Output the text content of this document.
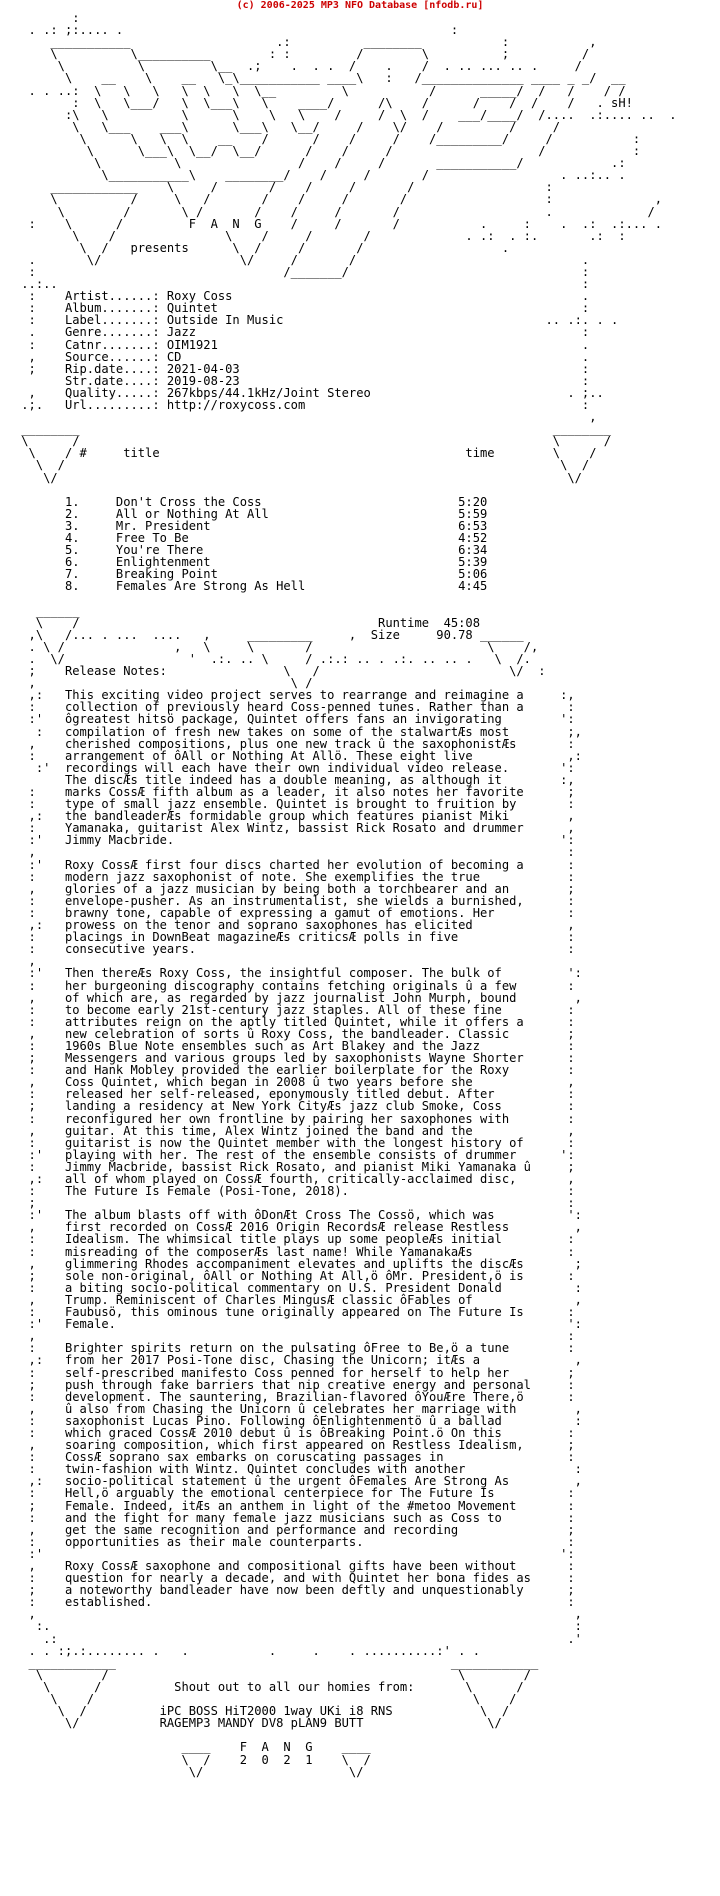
(c) 2006-2025 MP3 NFO Database [nfodb.ru]
:
. .: ;:.... .                                             :
___________                    .:          ________           :           ,
\          \__________        : :         /        \          ;          /
\          \         \__  .;    .  . .  /    .    /  . .. ... .. .     /
\    __    \    __   \_\___________ ____\   :   /______________ ____ _ _/  __
. . ..:  \   \   \   \  \   \  \__         \           /      _____/  /   /    / /
:  \   \___/   \  \___\   \    ____/      /\    /      /    /  /    /   . sH!
:\   \          \      \    \   \    /     /  \  /    ___/____/  /....  .:.... ..  .
\   \___    ___\      \___\   \__/     /    \/    /         /     /
\      \   \  \    __    /      /    /     /    /_________/     /           :
\      \___\  \__/  \__/      /    /     /                    /            :
\          \                /    /     /       ___________/            .:
\___________\    ________/    /     /       /                  . ..:.. .
____________    \     /       /    /     /       /                  :
\          /     \   /       /    /     /       /                   :              ,
\        /       \ /       /    /     /       /                    .             /
:    \      /         F  A  N  G    /     /       /           .     :    .  .:  .:... .
\    /               \    /     /       /             . .:  . :.       .:  :
\  /   presents      \  /     /       /                   .
.       \/                   \/     /       /                               .
:                                  /_______/                                :
..:..                                                                        :
:    Artist......: Roxy Coss                                                .
:    Album.......: Quintet                                                  :
:    Label.......: Outside In Music                                    .. .:. . .
.    Genre.......: Jazz                                                     :
:    Catnr.......: OIM1921                                                  .
,    Source......: CD                                                       .
;    Rip.date....: 2021-04-03                                               :
Str.date....: 2019-08-23                                               :
,    Quality.....: 267kbps/44.1kHz/Joint Stereo                           . ;..
.;.   Url.........: http://roxycoss.com                                      :
,
________                                                                 ________
\      /                                                                 \      /
\    / #     title                                          time        \    /
\  /                                                                    \  /
\/                                                                      \/

1.     Don't Cross the Coss                           5:20
2.     All or Nothing At All                          5:59
3.     Mr. President                                  6:53
4.     Free To Be                                     4:52
5.     You're There                                   6:34
6.     Enlightenment                                  5:39
7.     Breaking Point                                 5:06
8.     Females Are Strong As Hell                     4:45

______
\    /                                         Runtime  45:08
,\   /... . ...  ....   ,     _________     ,  Size     90.78 ______
. \ /               ,   \     \       /                        \    /,
.  \/                 '  .:. .. \     / .:.: .. . .:. .. .. .   \  /.
;    Release Notes:                \   /                          \/  :
,                                   \ /
,:   This exciting video project serves to rearrange and reimagine a     :,
:    collection of previously heard Coss-penned tunes. Rather than a      :
:'   ôgreatest hitsö package, Quintet offers fans an invigorating        ':
:   compilation of fresh new takes on some of the stalwartÆs most        ;,
,    cherished compositions, plus one new track û the saxophonistÆs       :
:    arrangement of ôAll or Nothing At Allö. These eight live             ,:
:'  recordings will each have their own individual video release.       ':
The discÆs title indeed has a double meaning, as although it        :,
:    marks CossÆ fifth album as a leader, it also notes her favorite      ;
:    type of small jazz ensemble. Quintet is brought to fruition by       :
,:   the bandleaderÆs formidable group which features pianist Miki        ,
:    Yamanaka, guitarist Alex Wintz, bassist Rick Rosato and drummer      ,
:'   Jimmy Macbride.                                                     ':
,                                                                         :
:'   Roxy CossÆ first four discs charted her evolution of becoming a      :
:    modern jazz saxophonist of note. She exemplifies the true            :
,    glories of a jazz musician by being both a torchbearer and an        ;
:    envelope-pusher. As an instrumentalist, she wields a burnished,      :
:    brawny tone, capable of expressing a gamut of emotions. Her          :
,:   prowess on the tenor and soprano saxophones has elicited             ,
:    placings in DownBeat magazineÆs criticsÆ polls in five               :
:    consecutive years.                                                   :
,
:'   Then thereÆs Roxy Coss, the insightful composer. The bulk of         ':
:    her burgeoning discography contains fetching originals û a few       :
,    of which are, as regarded by jazz journalist John Murph, bound        ,
:    to become early 21st-century jazz staples. All of these fine         :
:    attributes reign on the aptly titled Quintet, while it offers a      :
,    new celebration of sorts û Roxy Coss, the bandleader. Classic        ;
:    1960s Blue Note ensembles such as Art Blakey and the Jazz            :
;    Messengers and various groups led by saxophonists Wayne Shorter      :
:    and Hank Mobley provided the earlier boilerplate for the Roxy        :
,    Coss Quintet, which began in 2008 û two years before she             ,
:    released her self-released, eponymously titled debut. After          :
;    landing a residency at New York CityÆs jazz club Smoke, Coss         :
:    reconfigured her own frontline by pairing her saxophones with        :
,    guitar. At this time, Alex Wintz joined the band and the             ,
:    guitarist is now the Quintet member with the longest history of      :
:'   playing with her. The rest of the ensemble consists of drummer      ':
:    Jimmy Macbride, bassist Rick Rosato, and pianist Miki Yamanaka û     ;
,:   all of whom played on CossÆ fourth, critically-acclaimed disc,       ,
:    The Future Is Female (Posi-Tone, 2018).                              :
;                                                                         :
:'   The album blasts off with ôDonÆt Cross The Cossö, which was          ':
,    first recorded on CossÆ 2016 Origin RecordsÆ release Restless         ,
:    Idealism. The whimsical title plays up some peopleÆs initial         :
:    misreading of the composerÆs last name! While YamanakaÆs             :
,    glimmering Rhodes accompaniment elevates and uplifts the discÆs       ;
;    sole non-original, ôAll or Nothing At All,ö ôMr. President,ö is      :
:    a biting socio-political commentary on U.S. President Donald          :
,    Trump. Reminiscent of Charles MingusÆ classic ôFables of              ,
:    Faubusö, this ominous tune originally appeared on The Future Is      :
:'   Female.                                                              ':
,                                                                         :
:    Brighter spirits return on the pulsating ôFree to Be,ö a tune        :
,:   from her 2017 Posi-Tone disc, Chasing the Unicorn; itÆs a             ,
:    self-prescribed manifesto Coss penned for herself to help her        ;
;    push through fake barriers that nip creative energy and personal     :
:    development. The sauntering, Brazilian-flavored ôYouÆre There,ö      :
,    û also from Chasing the Unicorn û celebrates her marriage with        ,
:    saxophonist Lucas Pino. Following ôEnlightenmentö û a ballad          :
:    which graced CossÆ 2010 debut û is ôBreaking Point.ö On this         :
,    soaring composition, which first appeared on Restless Idealism,      ;
:    CossÆ soprano sax embarks on coruscating passages in                 :
:    twin-fashion with Wintz. Quintet concludes with another               :
,:   socio-political statement û the urgent ôFemales Are Strong As         ,
:    Hell,ö arguably the emotional centerpiece for The Future Is          :
;    Female. Indeed, itÆs an anthem in light of the #metoo Movement       :
:    and the fight for many female jazz musicians such as Coss to         :
,    get the same recognition and performance and recording               ;
:    opportunities as their male counterparts.                            :
:'                                                                       ':
,    Roxy CossÆ saxophone and compositional gifts have been without       :
:    question for nearly a decade, and with Quintet her bona fides as     :
;    a noteworthy bandleader have now been deftly and unquestionably      ;
:    established.                                                         :
,                                                                          ,
:.                                                                        :
.:                                                                      .'
. . :;.:........ .   .           .     .    . ..........:' . .
____________                                              ____________
\        /                                                \        /
\      /          Shout out to all our homies from:       \      /
\    /                                                    \    /
\  /          iPC BOSS HiT2000 1way UKi i8 RNS            \  /
\/           RAGEMP3 MANDY DV8 pLAN9 BUTT                 \/

____    F  A  N  G    ____
\  /    2  0  2  1    \  /
\/                    \/
